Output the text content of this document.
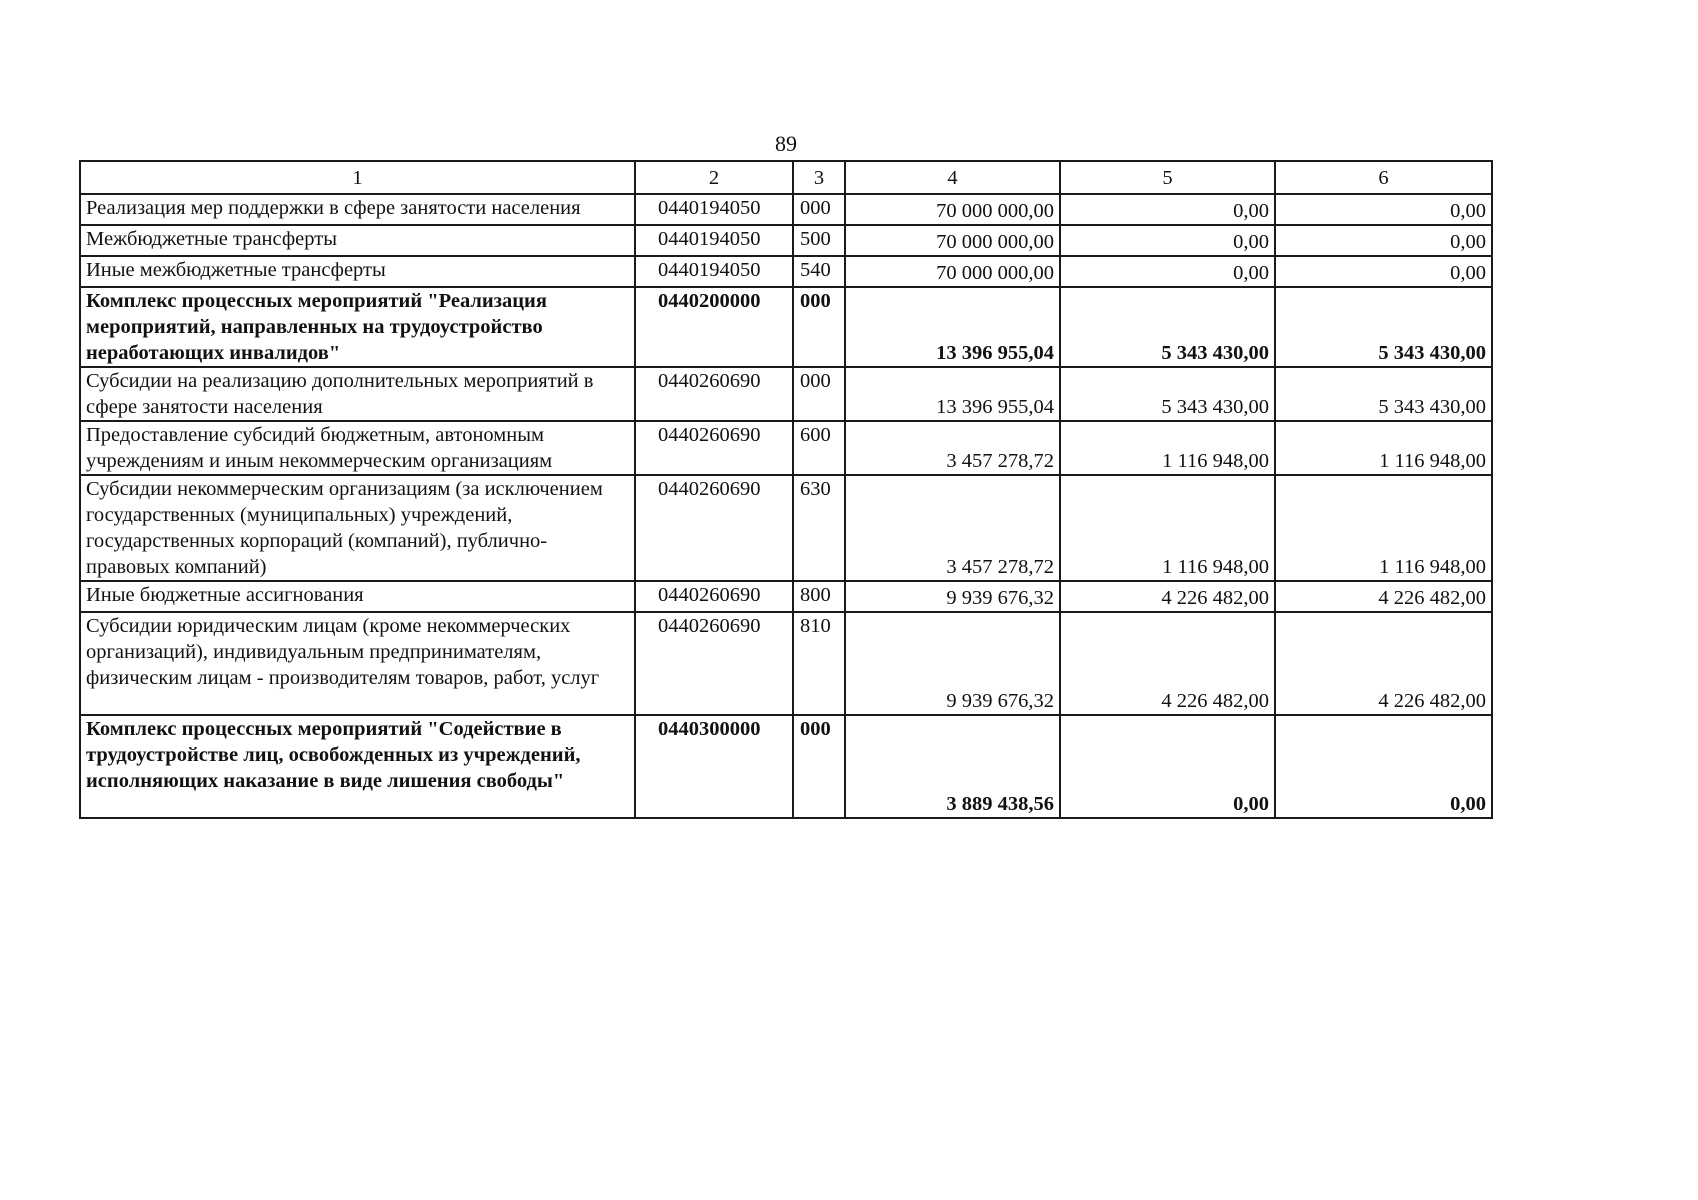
89
1	2	3	4	5	6
Реализация мер поддержки в сфере занятости населения	0440194050	000	70 000 000,00	0,00	0,00
Межбюджетные трансферты	0440194050	500	70 000 000,00	0,00	0,00
Иные межбюджетные трансферты	0440194050	540	70 000 000,00	0,00	0,00
Комплекс процессных мероприятий "Реализация мероприятий, направленных на трудоустройство неработающих инвалидов"	0440200000	000	13 396 955,04	5 343 430,00	5 343 430,00
Субсидии на реализацию дополнительных мероприятий в сфере занятости населения	0440260690	000	13 396 955,04	5 343 430,00	5 343 430,00
Предоставление субсидий бюджетным, автономным учреждениям и иным некоммерческим организациям	0440260690	600	3 457 278,72	1 116 948,00	1 116 948,00
Субсидии некоммерческим организациям (за исключением государственных (муниципальных) учреждений, государственных корпораций (компаний), публично-правовых компаний)	0440260690	630	3 457 278,72	1 116 948,00	1 116 948,00
Иные бюджетные ассигнования	0440260690	800	9 939 676,32	4 226 482,00	4 226 482,00
Субсидии юридическим лицам (кроме некоммерческих организаций), индивидуальным предпринимателям, физическим лицам - производителям товаров, работ, услуг	0440260690	810	9 939 676,32	4 226 482,00	4 226 482,00
Комплекс процессных мероприятий "Содействие в трудоустройстве лиц, освобожденных из учреждений, исполняющих наказание в виде лишения свободы"	0440300000	000	3 889 438,56	0,00	0,00
